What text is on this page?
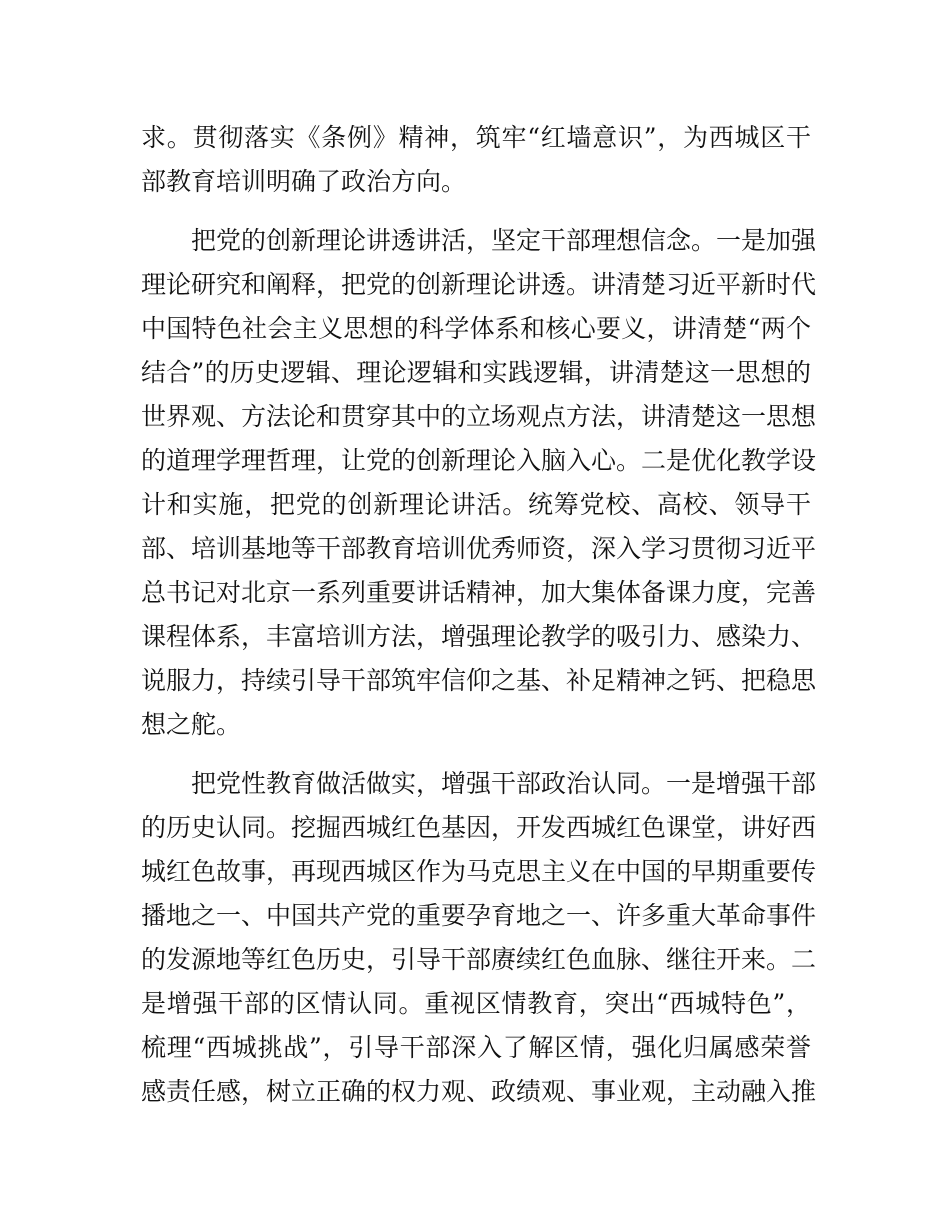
求。贯彻落实《条例》精神，筑牢“红墙意识”，为西城区干
部教育培训明确了政治方向。
把党的创新理论讲透讲活，坚定干部理想信念。一是加强
理论研究和阐释，把党的创新理论讲透。讲清楚习近平新时代
中国特色社会主义思想的科学体系和核心要义，讲清楚“两个
结合”的历史逻辑、理论逻辑和实践逻辑，讲清楚这一思想的
世界观、方法论和贯穿其中的立场观点方法，讲清楚这一思想
的道理学理哲理，让党的创新理论入脑入心。二是优化教学设
计和实施，把党的创新理论讲活。统筹党校、高校、领导干
部、培训基地等干部教育培训优秀师资，深入学习贯彻习近平
总书记对北京一系列重要讲话精神，加大集体备课力度，完善
课程体系，丰富培训方法，增强理论教学的吸引力、感染力、
说服力，持续引导干部筑牢信仰之基、补足精神之钙、把稳思
想之舵。
把党性教育做活做实，增强干部政治认同。一是增强干部
的历史认同。挖掘西城红色基因，开发西城红色课堂，讲好西
城红色故事，再现西城区作为马克思主义在中国的早期重要传
播地之一、中国共产党的重要孕育地之一、许多重大革命事件
的发源地等红色历史，引导干部赓续红色血脉、继往开来。二
是增强干部的区情认同。重视区情教育，突出“西城特色”，
梳理“西城挑战”，引导干部深入了解区情，强化归属感荣誉
感责任感，树立正确的权力观、政绩观、事业观，主动融入推
